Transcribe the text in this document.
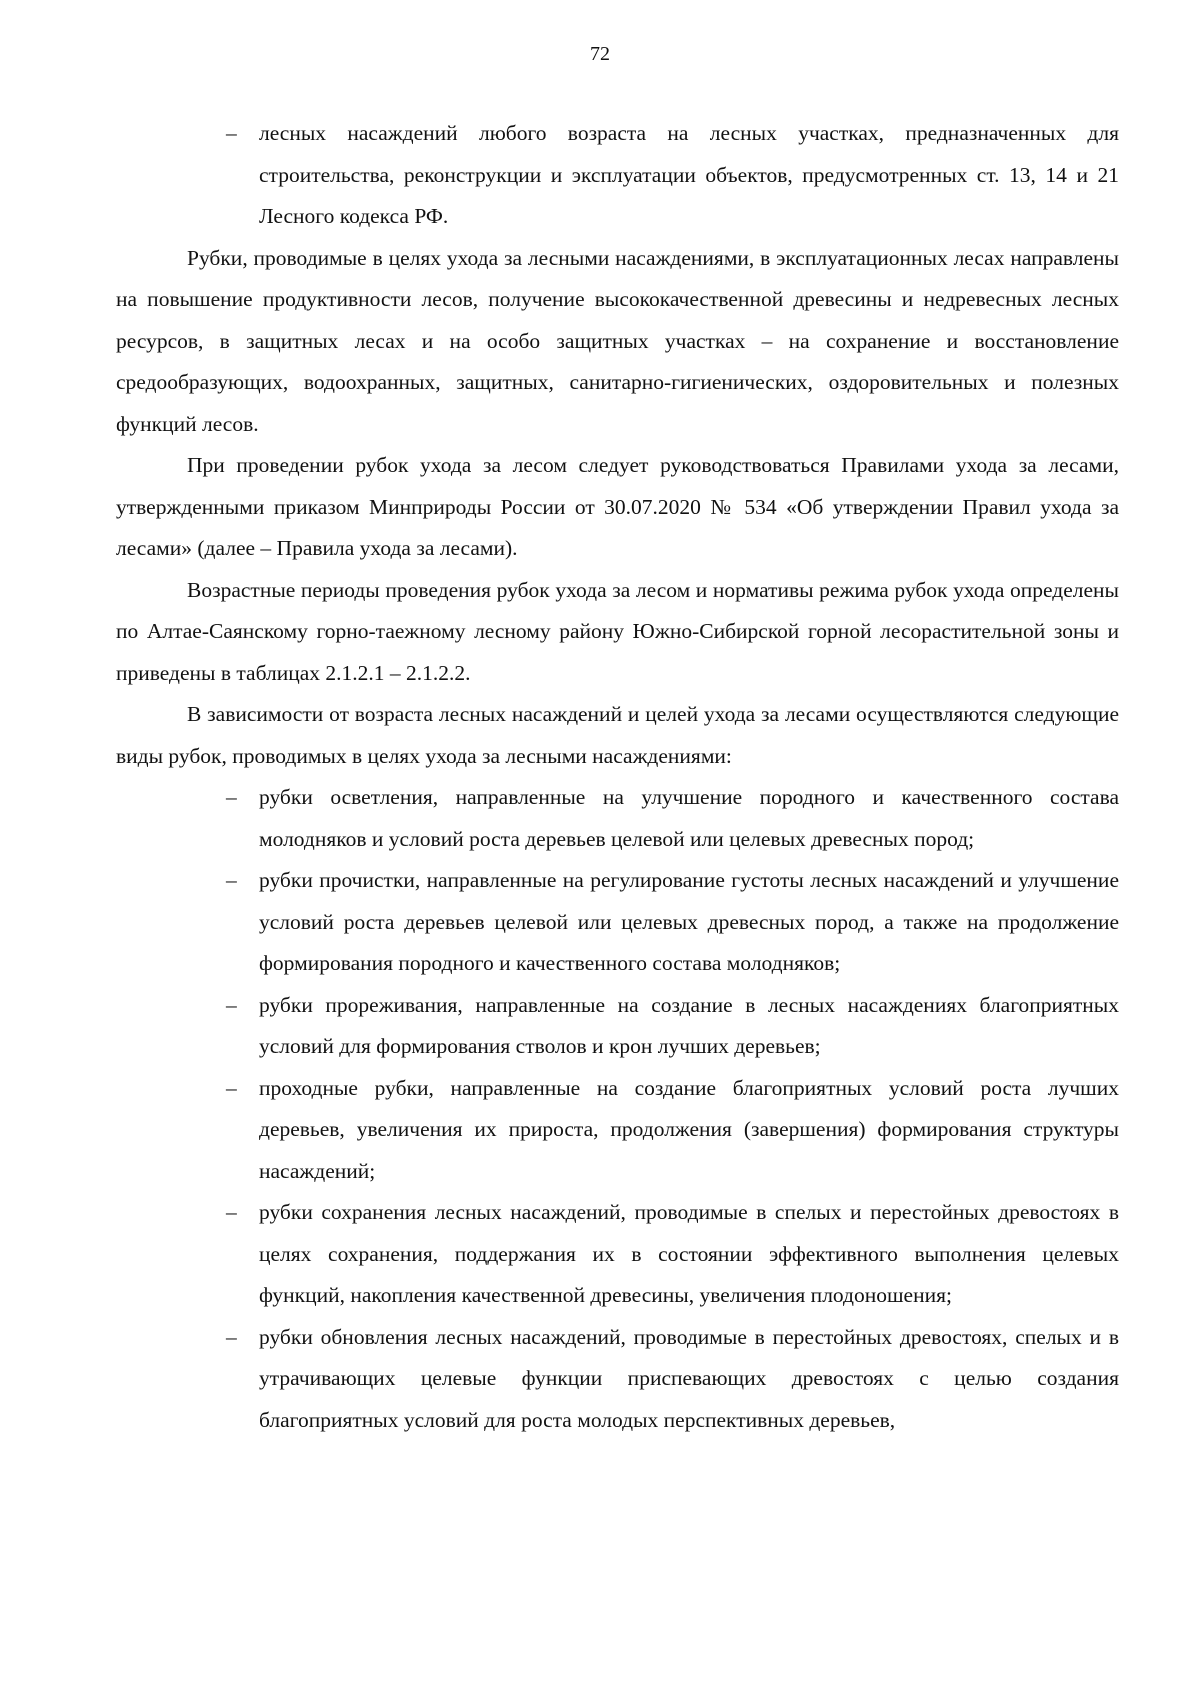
72
– лесных насаждений любого возраста на лесных участках, предназначенных для строительства, реконструкции и эксплуатации объектов, предусмотренных ст. 13, 14 и 21 Лесного кодекса РФ.

Рубки, проводимые в целях ухода за лесными насаждениями, в эксплуатационных лесах направлены на повышение продуктивности лесов, получение высококачественной древесины и недревесных лесных ресурсов, в защитных лесах и на особо защитных участках – на сохранение и восстановление средообразующих, водоохранных, защитных, санитарно-гигиенических, оздоровительных и полезных функций лесов.

При проведении рубок ухода за лесом следует руководствоваться Правилами ухода за лесами, утвержденными приказом Минприроды России от 30.07.2020 № 534 «Об утверждении Правил ухода за лесами» (далее – Правила ухода за лесами).

Возрастные периоды проведения рубок ухода за лесом и нормативы режима рубок ухода определены по Алтае-Саянскому горно-таежному лесному району Южно-Сибирской горной лесорастительной зоны и приведены в таблицах 2.1.2.1 – 2.1.2.2.

В зависимости от возраста лесных насаждений и целей ухода за лесами осуществляются следующие виды рубок, проводимых в целях ухода за лесными насаждениями:

– рубки осветления, направленные на улучшение породного и качественного состава молодняков и условий роста деревьев целевой или целевых древесных пород;
– рубки прочистки, направленные на регулирование густоты лесных насаждений и улучшение условий роста деревьев целевой или целевых древесных пород, а также на продолжение формирования породного и качественного состава молодняков;
– рубки прореживания, направленные на создание в лесных насаждениях благоприятных условий для формирования стволов и крон лучших деревьев;
– проходные рубки, направленные на создание благоприятных условий роста лучших деревьев, увеличения их прироста, продолжения (завершения) формирования структуры насаждений;
– рубки сохранения лесных насаждений, проводимые в спелых и перестойных древостоях в целях сохранения, поддержания их в состоянии эффективного выполнения целевых функций, накопления качественной древесины, увеличения плодоношения;
– рубки обновления лесных насаждений, проводимые в перестойных древостоях, спелых и в утрачивающих целевые функции приспевающих древостоях с целью создания благоприятных условий для роста молодых перспективных деревьев,
